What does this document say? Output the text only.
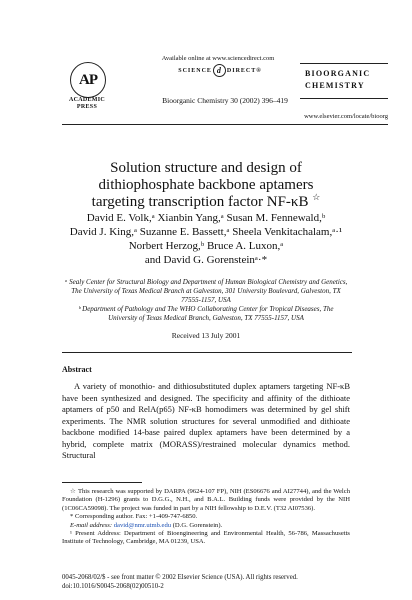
AP
ACADEMIC PRESS
Available online at www.sciencedirect.com
SCIENCE d DIRECT®
Bioorganic Chemistry 30 (2002) 396–419
BIOORGANIC
CHEMISTRY
www.elsevier.com/locate/bioorg
Solution structure and design of
dithiophosphate backbone aptamers
targeting transcription factor NF-κB ☆
David E. Volk,ᵃ Xianbin Yang,ᵃ Susan M. Fennewald,ᵇ
David J. King,ᵃ Suzanne E. Bassett,ᵃ Sheela Venkitachalam,ᵃ·¹
Norbert Herzog,ᵇ Bruce A. Luxon,ᵃ
and David G. Gorensteinᵃ·*
ᵃ Sealy Center for Structural Biology and Department of Human Biological Chemistry and Genetics, The University of Texas Medical Branch at Galveston, 301 University Boulevard, Galveston, TX 77555-1157, USA
ᵇ Department of Pathology and The WHO Collaborating Center for Tropical Diseases, The University of Texas Medical Branch, Galveston, TX 77555-1157, USA
Received 13 July 2001
Abstract
A variety of monothio- and dithiosubstituted duplex aptamers targeting NF-κB have been synthesized and designed. The specificity and affinity of the dithioate aptamers of p50 and RelA(p65) NF-κB homodimers was determined by gel shift experiments. The NMR solution structures for several unmodified and dithioate backbone modified 14-base paired duplex aptamers have been determined by a hybrid, complete matrix (MORASS)/restrained molecular dynamics method. Structural

☆ This research was supported by DARPA (9624-107 FP), NIH (ES06676 and AI27744), and the Welch Foundation (H-1296) grants to D.G.G., N.H., and B.A.L. Building funds were provided by the NIH (1C06CA59098). The project was funded in part by a NIH fellowship to D.E.V. (T32 AI07536).

* Corresponding author. Fax: +1-409-747-6850.

E-mail address: david@nmr.utmb.edu (D.G. Gorenstein).

¹ Present Address: Department of Bioengineering and Environmental Health, 56-786, Massachusetts Institute of Technology, Cambridge, MA 01239, USA.

0045-2068/02/$ - see front matter © 2002 Elsevier Science (USA). All rights reserved.
doi:10.1016/S0045-2068(02)00510-2
